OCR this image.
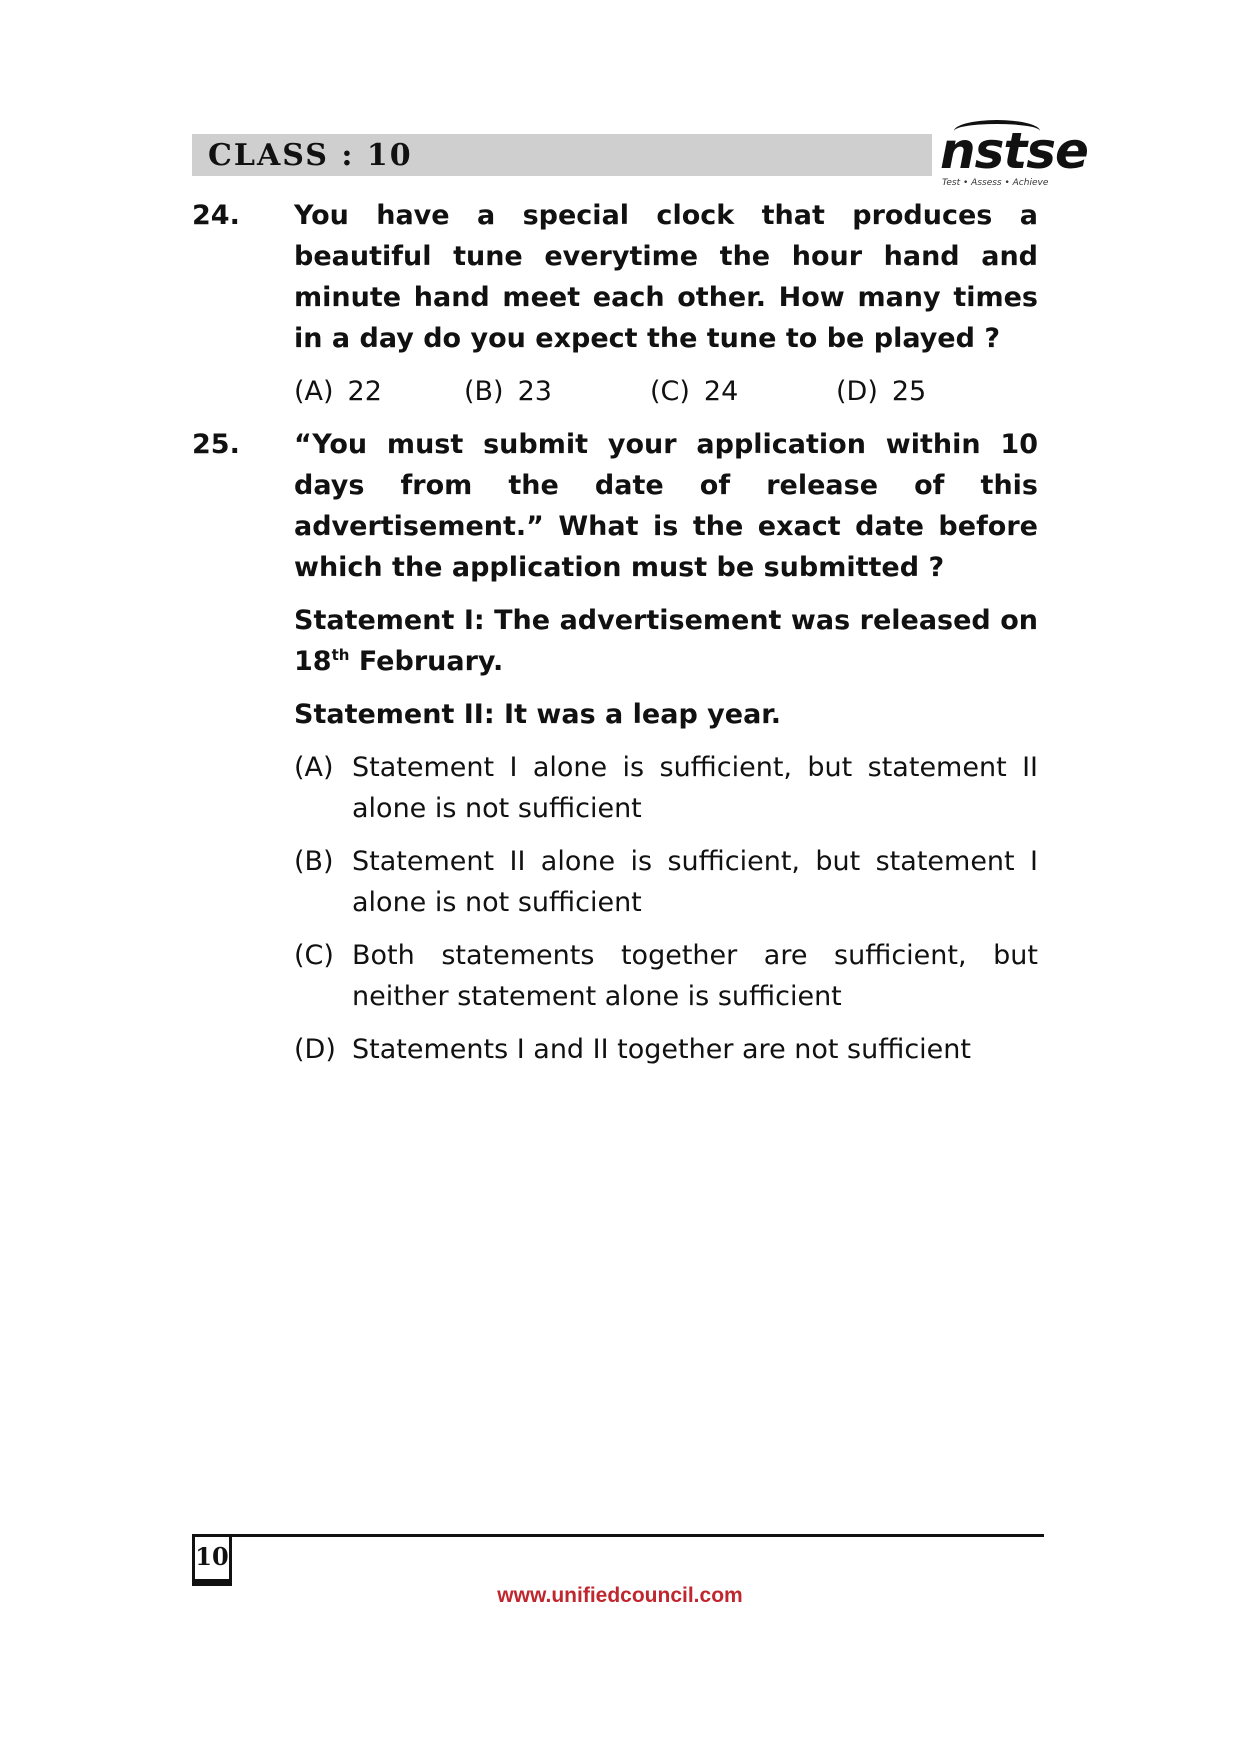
CLASS : 10	nstse
Test • Assess • Achieve
24.	You have a special clock that produces a beautiful tune everytime the hour hand and minute hand meet each other. How many times in a day do you expect the tune to be played ?

(A) 22	(B) 23	(C) 24	(D) 25
25.	“You must submit your application within 10 days from the date of release of this advertisement.” What is the exact date before which the application must be submitted ?

Statement I: The advertisement was released on 18th February.

Statement II: It was a leap year.

(A) Statement I alone is sufficient, but statement II alone is not sufficient
(B) Statement II alone is sufficient, but statement I alone is not sufficient
(C) Both statements together are sufficient, but neither statement alone is sufficient
(D) Statements I and II together are not sufficient
10
www.unifiedcouncil.com
